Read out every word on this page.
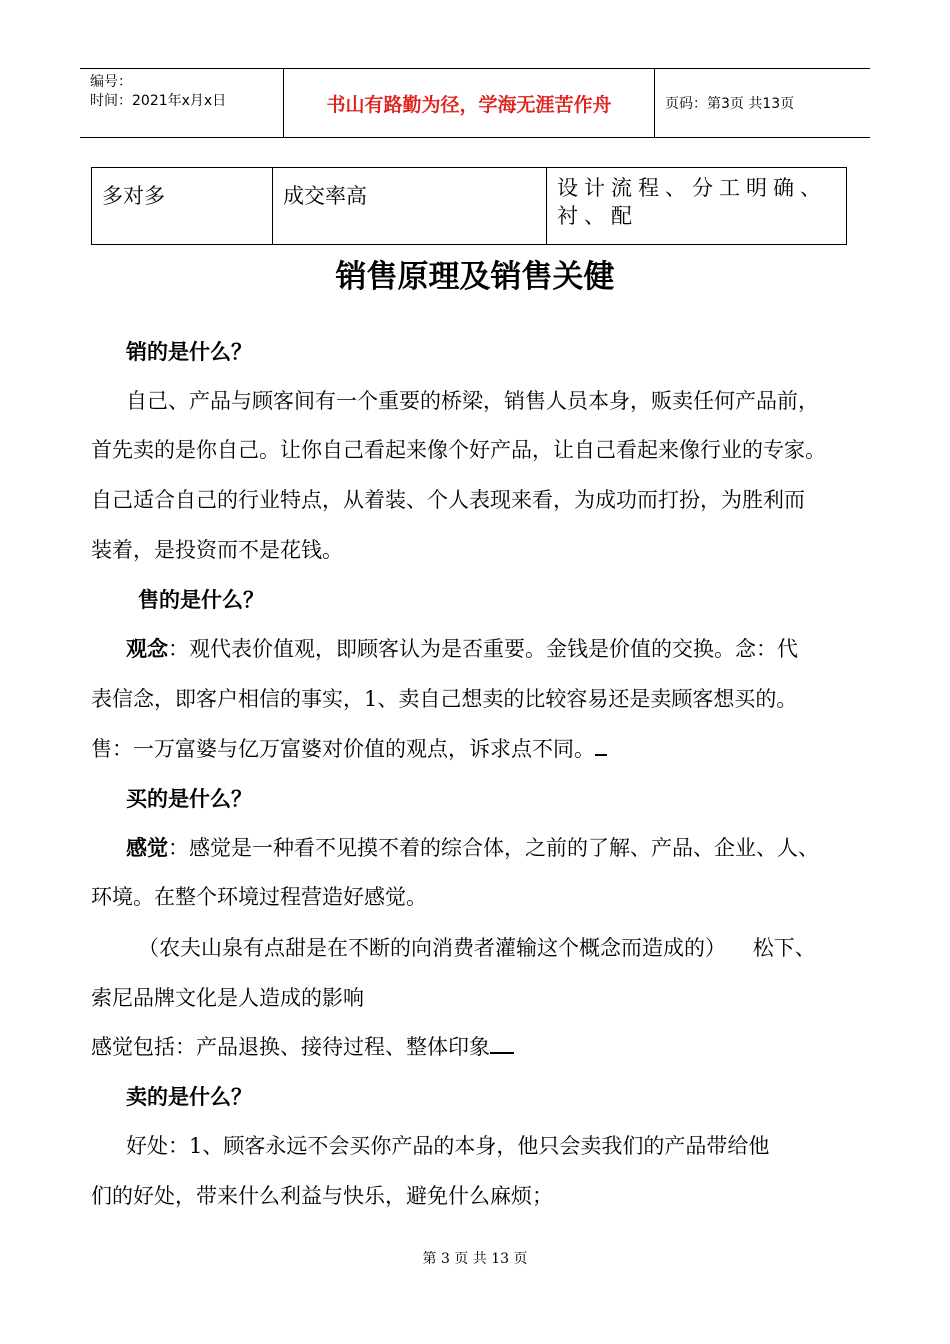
编号：
时间：2021年x月x日	书山有路勤为径，学海无涯苦作舟	页码：第3页 共13页
多对多	成交率高	设计流程、分工明确、
衬、配
销售原理及销售关健
销的是什么？
自己、产品与顾客间有一个重要的桥梁，销售人员本身，贩卖任何产品前，
首先卖的是你自己。让你自己看起来像个好产品，让自己看起来像行业的专家。
自己适合自己的行业特点，从着装、个人表现来看，为成功而打扮，为胜利而
装着，是投资而不是花钱。
售的是什么？
观念：观代表价值观，即顾客认为是否重要。金钱是价值的交换。念：代
表信念，即客户相信的事实，1、卖自己想卖的比较容易还是卖顾客想买的。
售：一万富婆与亿万富婆对价值的观点，诉求点不同。
买的是什么？
感觉：感觉是一种看不见摸不着的综合体，之前的了解、产品、企业、人、
环境。在整个环境过程营造好感觉。
（农夫山泉有点甜是在不断的向消费者灌输这个概念而造成的）    松下、
索尼品牌文化是人造成的影响
感觉包括：产品退换、接待过程、整体印象
卖的是什么？
好处：1、顾客永远不会买你产品的本身，他只会卖我们的产品带给他
们的好处，带来什么利益与快乐，避免什么麻烦；
第 3 页 共 13 页
